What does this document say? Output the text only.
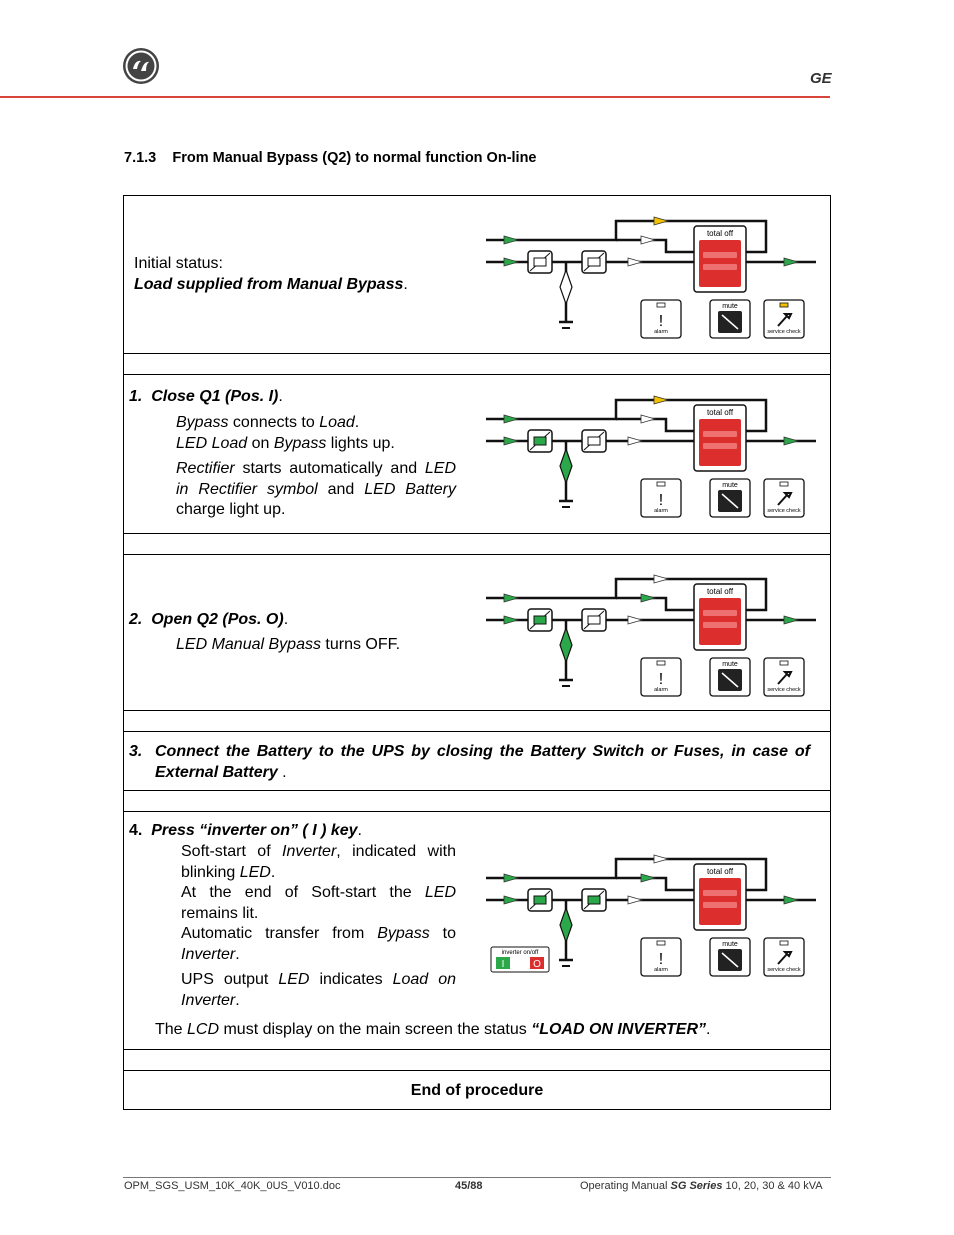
GE
7.1.3    From Manual Bypass (Q2) to normal function On-line
Initial status:
Load supplied from Manual Bypass.
total off
alarm
!
mute
service check
1. Close Q1 (Pos. I).
Bypass connects to Load.
LED Load on Bypass lights up.
Rectifier starts automatically and LED in Rectifier symbol and LED Battery charge light up.
total off
alarm
!
mute
service check
2. Open Q2 (Pos. O).
LED Manual Bypass turns OFF.
total off
alarm
!
mute
service check
3. Connect the Battery to the UPS by closing the Battery Switch or Fuses, in case of External Battery .
4. Press “inverter on” ( I ) key.
Soft-start of Inverter, indicated with blinking LED.
At the end of Soft-start the LED remains lit.
Automatic transfer from Bypass to Inverter.
UPS output LED indicates Load on Inverter.
The LCD must display on the main screen the status “LOAD ON INVERTER”.
total off
alarm
!
mute
service check
inverter on/off
I	O
End of procedure
OPM_SGS_USM_10K_40K_0US_V010.doc	45/88	Operating Manual SG Series 10, 20, 30 & 40 kVA
